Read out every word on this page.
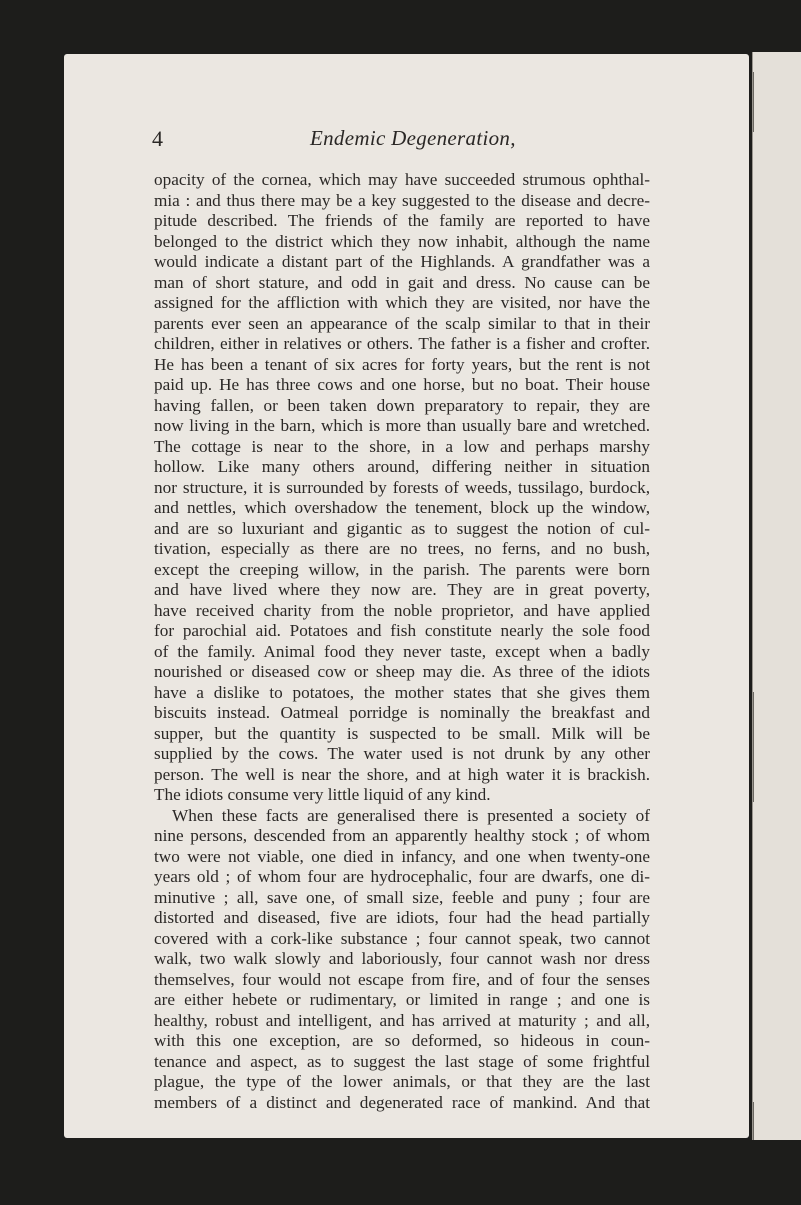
4	Endemic Degeneration,
opacity of the cornea, which may have succeeded strumous ophthal-
mia : and thus there may be a key suggested to the disease and decre-
pitude described. The friends of the family are reported to have
belonged to the district which they now inhabit, although the name
would indicate a distant part of the Highlands. A grandfather was a
man of short stature, and odd in gait and dress. No cause can be
assigned for the affliction with which they are visited, nor have the
parents ever seen an appearance of the scalp similar to that in their
children, either in relatives or others. The father is a fisher and crofter.
He has been a tenant of six acres for forty years, but the rent is not
paid up. He has three cows and one horse, but no boat. Their house
having fallen, or been taken down preparatory to repair, they are
now living in the barn, which is more than usually bare and wretched.
The cottage is near to the shore, in a low and perhaps marshy
hollow. Like many others around, differing neither in situation
nor structure, it is surrounded by forests of weeds, tussilago, burdock,
and nettles, which overshadow the tenement, block up the window,
and are so luxuriant and gigantic as to suggest the notion of cul-
tivation, especially as there are no trees, no ferns, and no bush,
except the creeping willow, in the parish. The parents were born
and have lived where they now are. They are in great poverty,
have received charity from the noble proprietor, and have applied
for parochial aid. Potatoes and fish constitute nearly the sole food
of the family. Animal food they never taste, except when a badly
nourished or diseased cow or sheep may die. As three of the idiots
have a dislike to potatoes, the mother states that she gives them
biscuits instead. Oatmeal porridge is nominally the breakfast and
supper, but the quantity is suspected to be small. Milk will be
supplied by the cows. The water used is not drunk by any other
person. The well is near the shore, and at high water it is brackish.
The idiots consume very little liquid of any kind.
When these facts are generalised there is presented a society of
nine persons, descended from an apparently healthy stock ; of whom
two were not viable, one died in infancy, and one when twenty-one
years old ; of whom four are hydrocephalic, four are dwarfs, one di-
minutive ; all, save one, of small size, feeble and puny ; four are
distorted and diseased, five are idiots, four had the head partially
covered with a cork-like substance ; four cannot speak, two cannot
walk, two walk slowly and laboriously, four cannot wash nor dress
themselves, four would not escape from fire, and of four the senses
are either hebete or rudimentary, or limited in range ; and one is
healthy, robust and intelligent, and has arrived at maturity ; and all,
with this one exception, are so deformed, so hideous in coun-
tenance and aspect, as to suggest the last stage of some frightful
plague, the type of the lower animals, or that they are the last
members of a distinct and degenerated race of mankind. And that
